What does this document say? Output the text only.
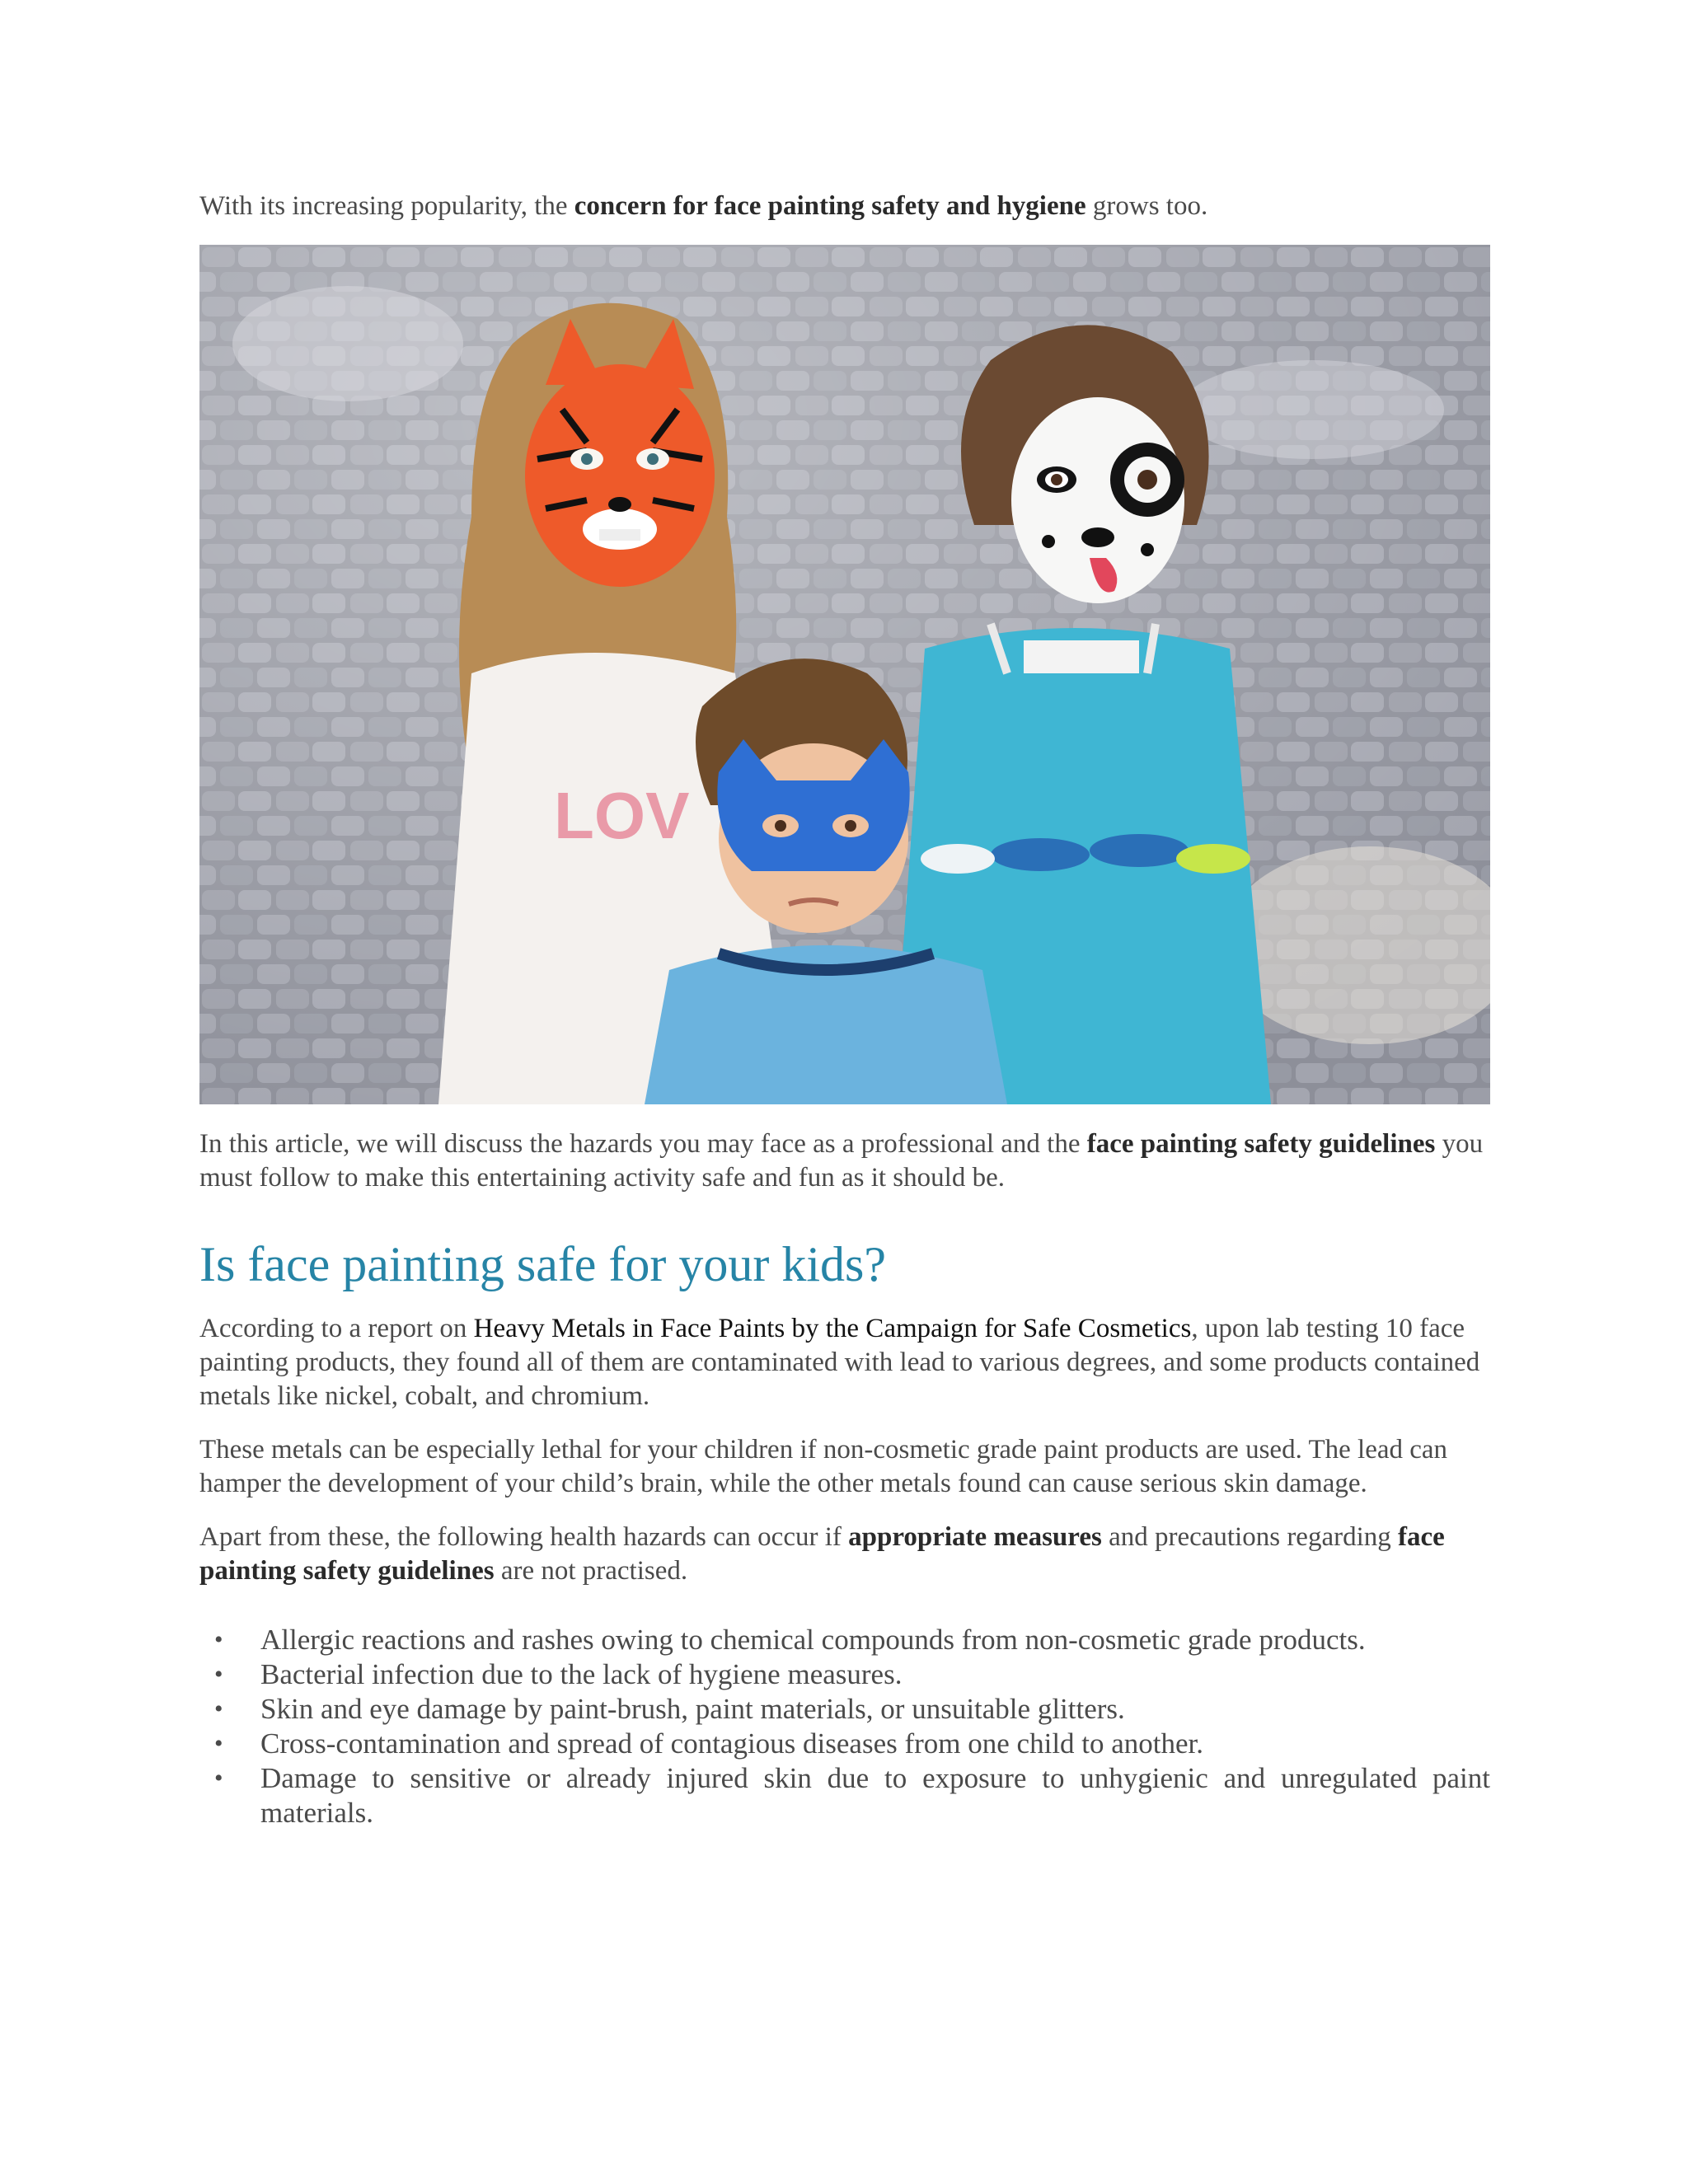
With its increasing popularity, the concern for face painting safety and hygiene grows too.

LOV

In this article, we will discuss the hazards you may face as a professional and the face painting safety guidelines you must follow to make this entertaining activity safe and fun as it should be.

Is face painting safe for your kids?

According to a report on Heavy Metals in Face Paints by the Campaign for Safe Cosmetics, upon lab testing 10 face painting products, they found all of them are contaminated with lead to various degrees, and some products contained metals like nickel, cobalt, and chromium.

These metals can be especially lethal for your children if non-cosmetic grade paint products are used. The lead can hamper the development of your child’s brain, while the other metals found can cause serious skin damage.

Apart from these, the following health hazards can occur if appropriate measures and precautions regarding face painting safety guidelines are not practised.

• Allergic reactions and rashes owing to chemical compounds from non-cosmetic grade products.
• Bacterial infection due to the lack of hygiene measures.
• Skin and eye damage by paint-brush, paint materials, or unsuitable glitters.
• Cross-contamination and spread of contagious diseases from one child to another.
• Damage to sensitive or already injured skin due to exposure to unhygienic and unregulated paint materials.
